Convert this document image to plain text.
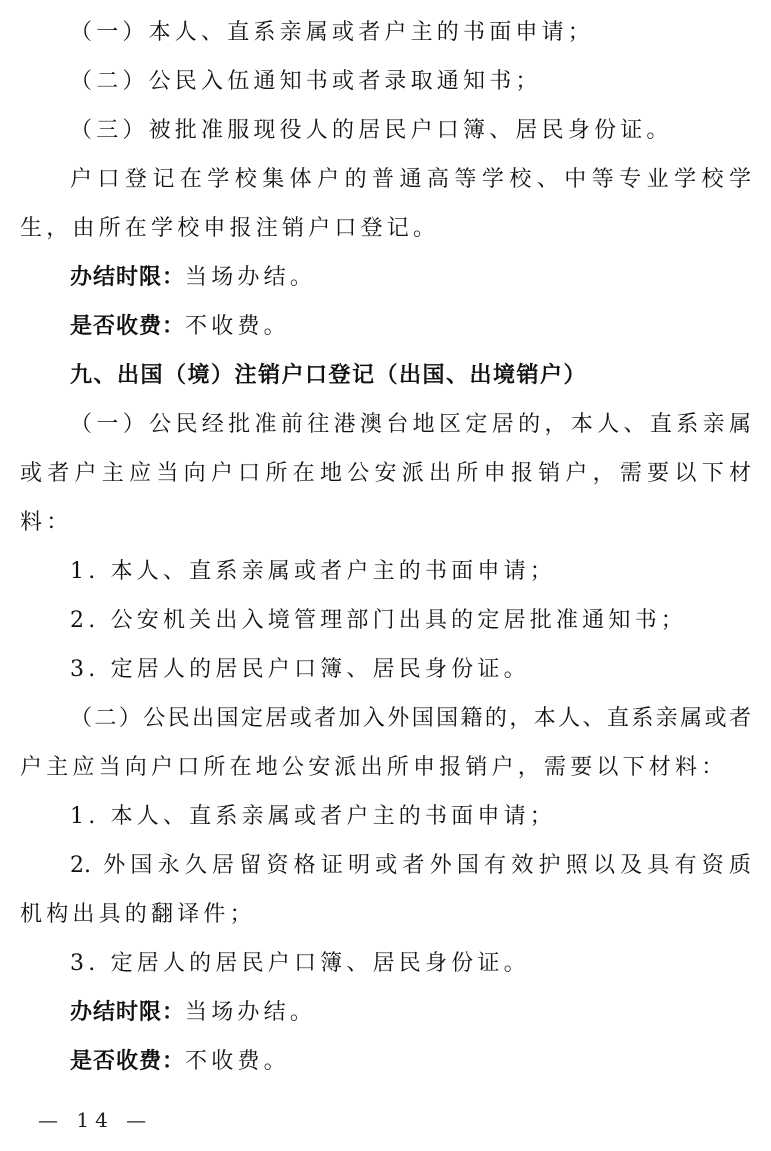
（一）本人、直系亲属或者户主的书面申请；
（二）公民入伍通知书或者录取通知书；
（三）被批准服现役人的居民户口簿、居民身份证。
户口登记在学校集体户的普通高等学校、中等专业学校学
生，由所在学校申报注销户口登记。
办结时限：当场办结。
是否收费：不收费。
九、出国（境）注销户口登记（出国、出境销户）
（一）公民经批准前往港澳台地区定居的，本人、直系亲属
或者户主应当向户口所在地公安派出所申报销户，需要以下材
料：
1. 本人、直系亲属或者户主的书面申请；
2. 公安机关出入境管理部门出具的定居批准通知书；
3. 定居人的居民户口簿、居民身份证。
（二）公民出国定居或者加入外国国籍的，本人、直系亲属或者
户主应当向户口所在地公安派出所申报销户，需要以下材料：
1. 本人、直系亲属或者户主的书面申请；
2. 外国永久居留资格证明或者外国有效护照以及具有资质
机构出具的翻译件；
3. 定居人的居民户口簿、居民身份证。
办结时限：当场办结。
是否收费：不收费。
— 14 —
